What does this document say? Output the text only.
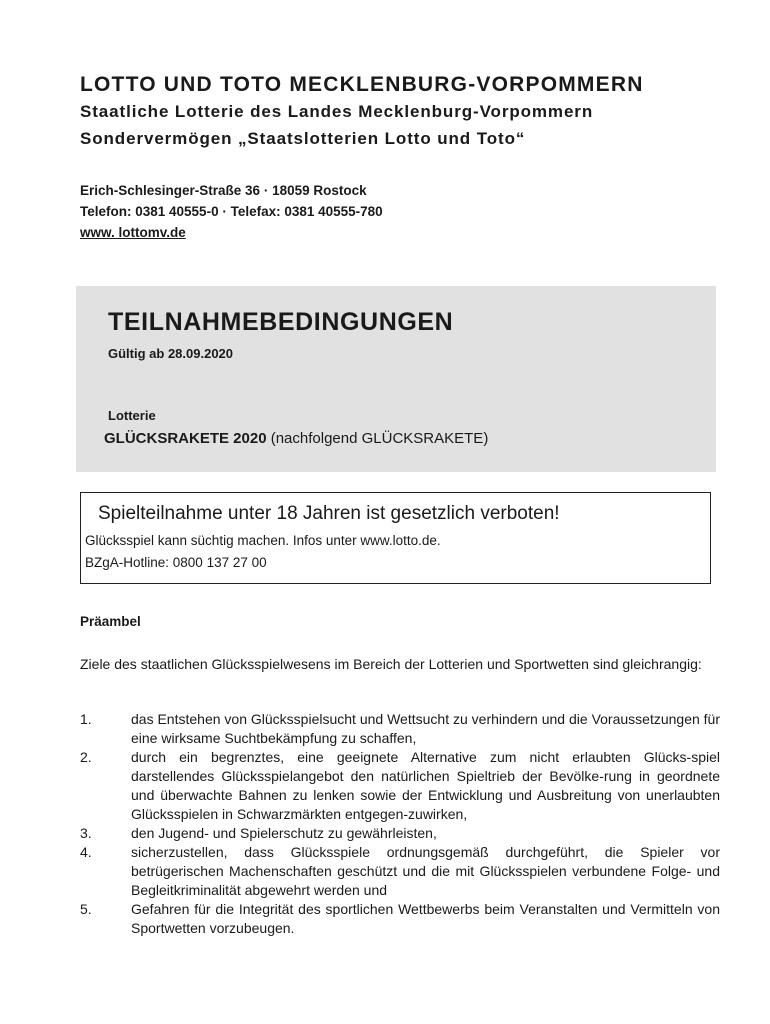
LOTTO UND TOTO MECKLENBURG-VORPOMMERN

Staatliche Lotterie des Landes Mecklenburg-Vorpommern

Sondervermögen „Staatslotterien Lotto und Toto“

Erich-Schlesinger-Straße 36 · 18059 Rostock
Telefon: 0381 40555-0 · Telefax: 0381 40555-780
www. lottomv.de
TEILNAHMEBEDINGUNGEN
Gültig ab 28.09.2020
Lotterie
GLÜCKSRAKETE 2020 (nachfolgend GLÜCKSRAKETE)
Spielteilnahme unter 18 Jahren ist gesetzlich verboten!
Glücksspiel kann süchtig machen. Infos unter www.lotto.de.
BZgA-Hotline: 0800 137 27 00
Präambel

Ziele des staatlichen Glücksspielwesens im Bereich der Lotterien und Sportwetten sind gleichrangig:

1.	das Entstehen von Glücksspielsucht und Wettsucht zu verhindern und die Voraussetzungen für eine wirksame Suchtbekämpfung zu schaffen,
2.	durch ein begrenztes, eine geeignete Alternative zum nicht erlaubten Glücks-spiel darstellendes Glücksspielangebot den natürlichen Spieltrieb der Bevölke-rung in geordnete und überwachte Bahnen zu lenken sowie der Entwicklung und Ausbreitung von unerlaubten Glücksspielen in Schwarzmärkten entgegen-zuwirken,
3.	den Jugend- und Spielerschutz zu gewährleisten,
4.	sicherzustellen, dass Glücksspiele ordnungsgemäß durchgeführt, die Spieler vor betrügerischen Machenschaften geschützt und die mit Glücksspielen verbundene Folge- und Begleitkriminalität abgewehrt werden und
5.	Gefahren für die Integrität des sportlichen Wettbewerbs beim Veranstalten und Vermitteln von Sportwetten vorzubeugen.
